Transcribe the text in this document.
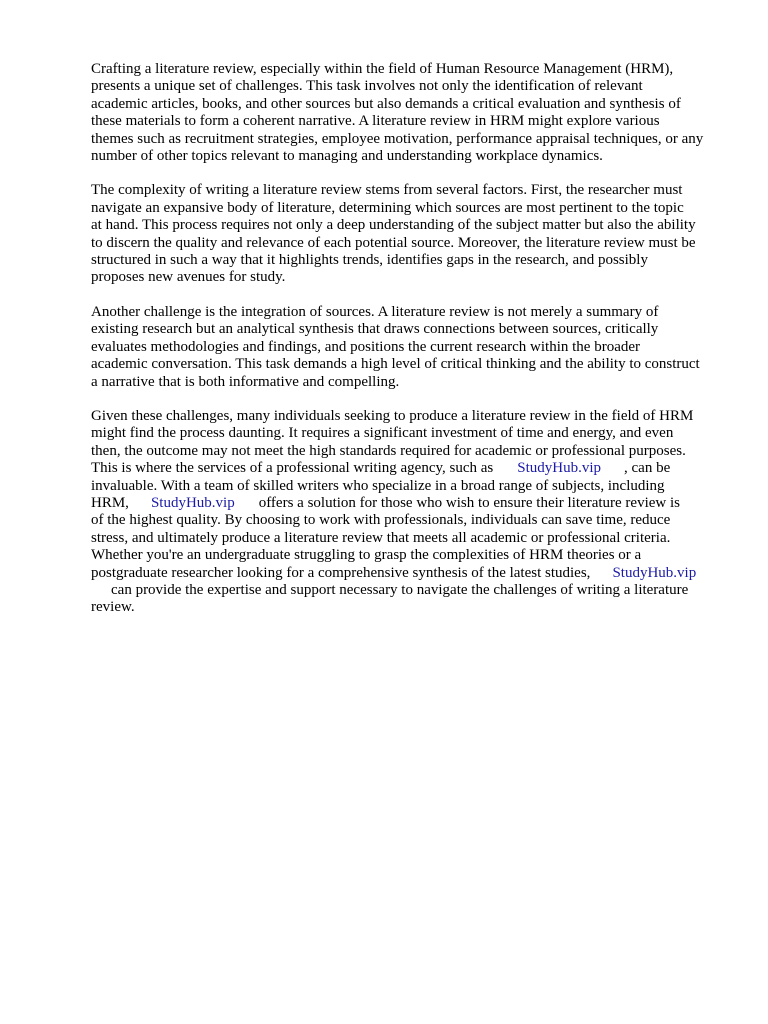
Crafting a literature review, especially within the field of Human Resource Management (HRM),
presents a unique set of challenges. This task involves not only the identification of relevant
academic articles, books, and other sources but also demands a critical evaluation and synthesis of
these materials to form a coherent narrative. A literature review in HRM might explore various
themes such as recruitment strategies, employee motivation, performance appraisal techniques, or any
number of other topics relevant to managing and understanding workplace dynamics.

The complexity of writing a literature review stems from several factors. First, the researcher must
navigate an expansive body of literature, determining which sources are most pertinent to the topic
at hand. This process requires not only a deep understanding of the subject matter but also the ability
to discern the quality and relevance of each potential source. Moreover, the literature review must be
structured in such a way that it highlights trends, identifies gaps in the research, and possibly
proposes new avenues for study.

Another challenge is the integration of sources. A literature review is not merely a summary of
existing research but an analytical synthesis that draws connections between sources, critically
evaluates methodologies and findings, and positions the current research within the broader
academic conversation. This task demands a high level of critical thinking and the ability to construct
a narrative that is both informative and compelling.

Given these challenges, many individuals seeking to produce a literature review in the field of HRM
might find the process daunting. It requires a significant investment of time and energy, and even
then, the outcome may not meet the high standards required for academic or professional purposes.
This is where the services of a professional writing agency, such as StudyHub.vip , can be
invaluable. With a team of skilled writers who specialize in a broad range of subjects, including
HRM, StudyHub.vip offers a solution for those who wish to ensure their literature review is
of the highest quality. By choosing to work with professionals, individuals can save time, reduce
stress, and ultimately produce a literature review that meets all academic or professional criteria.
Whether you're an undergraduate struggling to grasp the complexities of HRM theories or a
postgraduate researcher looking for a comprehensive synthesis of the latest studies, StudyHub.vip
can provide the expertise and support necessary to navigate the challenges of writing a literature
review.
